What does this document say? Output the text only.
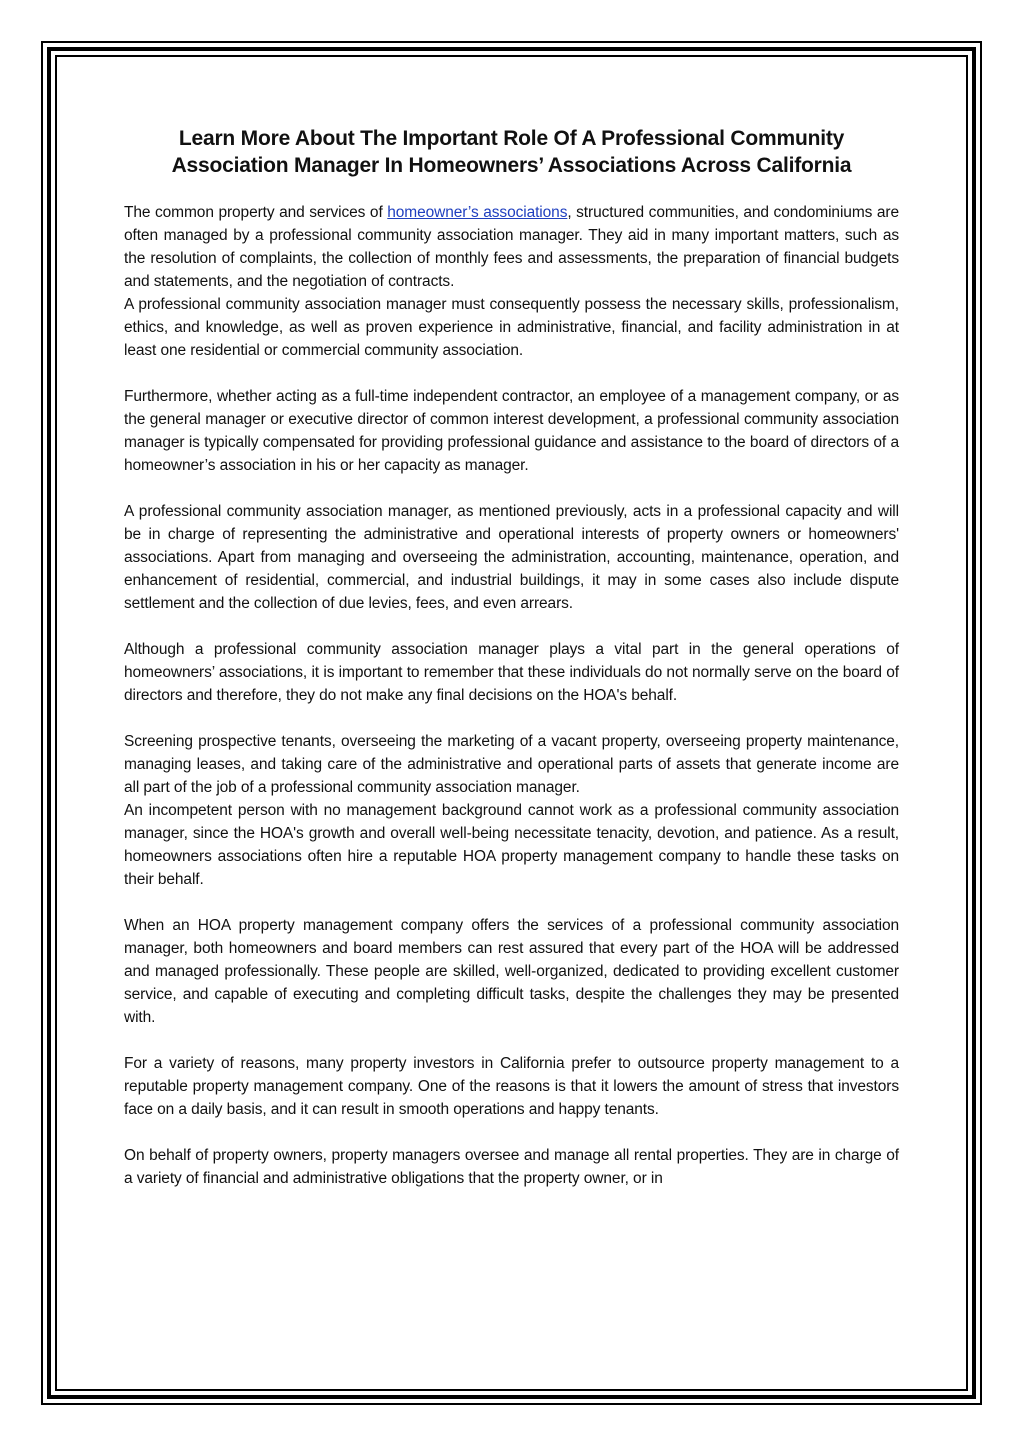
Learn More About The Important Role Of A Professional Community
Association Manager In Homeowners’ Associations Across California

The common property and services of homeowner’s associations, structured communities, and condominiums are often managed by a professional community association manager. They aid in many important matters, such as the resolution of complaints, the collection of monthly fees and assessments, the preparation of financial budgets and statements, and the negotiation of contracts.

A professional community association manager must consequently possess the necessary skills, professionalism, ethics, and knowledge, as well as proven experience in administrative, financial, and facility administration in at least one residential or commercial community association.

Furthermore, whether acting as a full-time independent contractor, an employee of a management company, or as the general manager or executive director of common interest development, a professional community association manager is typically compensated for providing professional guidance and assistance to the board of directors of a homeowner’s association in his or her capacity as manager.

A professional community association manager, as mentioned previously, acts in a professional capacity and will be in charge of representing the administrative and operational interests of property owners or homeowners' associations. Apart from managing and overseeing the administration, accounting, maintenance, operation, and enhancement of residential, commercial, and industrial buildings, it may in some cases also include dispute settlement and the collection of due levies, fees, and even arrears.

Although a professional community association manager plays a vital part in the general operations of homeowners’ associations, it is important to remember that these individuals do not normally serve on the board of directors and therefore, they do not make any final decisions on the HOA's behalf.

Screening prospective tenants, overseeing the marketing of a vacant property, overseeing property maintenance, managing leases, and taking care of the administrative and operational parts of assets that generate income are all part of the job of a professional community association manager.

An incompetent person with no management background cannot work as a professional community association manager, since the HOA's growth and overall well-being necessitate tenacity, devotion, and patience. As a result, homeowners associations often hire a reputable HOA property management company to handle these tasks on their behalf.

When an HOA property management company offers the services of a professional community association manager, both homeowners and board members can rest assured that every part of the HOA will be addressed and managed professionally. These people are skilled, well-organized, dedicated to providing excellent customer service, and capable of executing and completing difficult tasks, despite the challenges they may be presented with.

For a variety of reasons, many property investors in California prefer to outsource property management to a reputable property management company. One of the reasons is that it lowers the amount of stress that investors face on a daily basis, and it can result in smooth operations and happy tenants.

On behalf of property owners, property managers oversee and manage all rental properties. They are in charge of a variety of financial and administrative obligations that the property owner, or in
